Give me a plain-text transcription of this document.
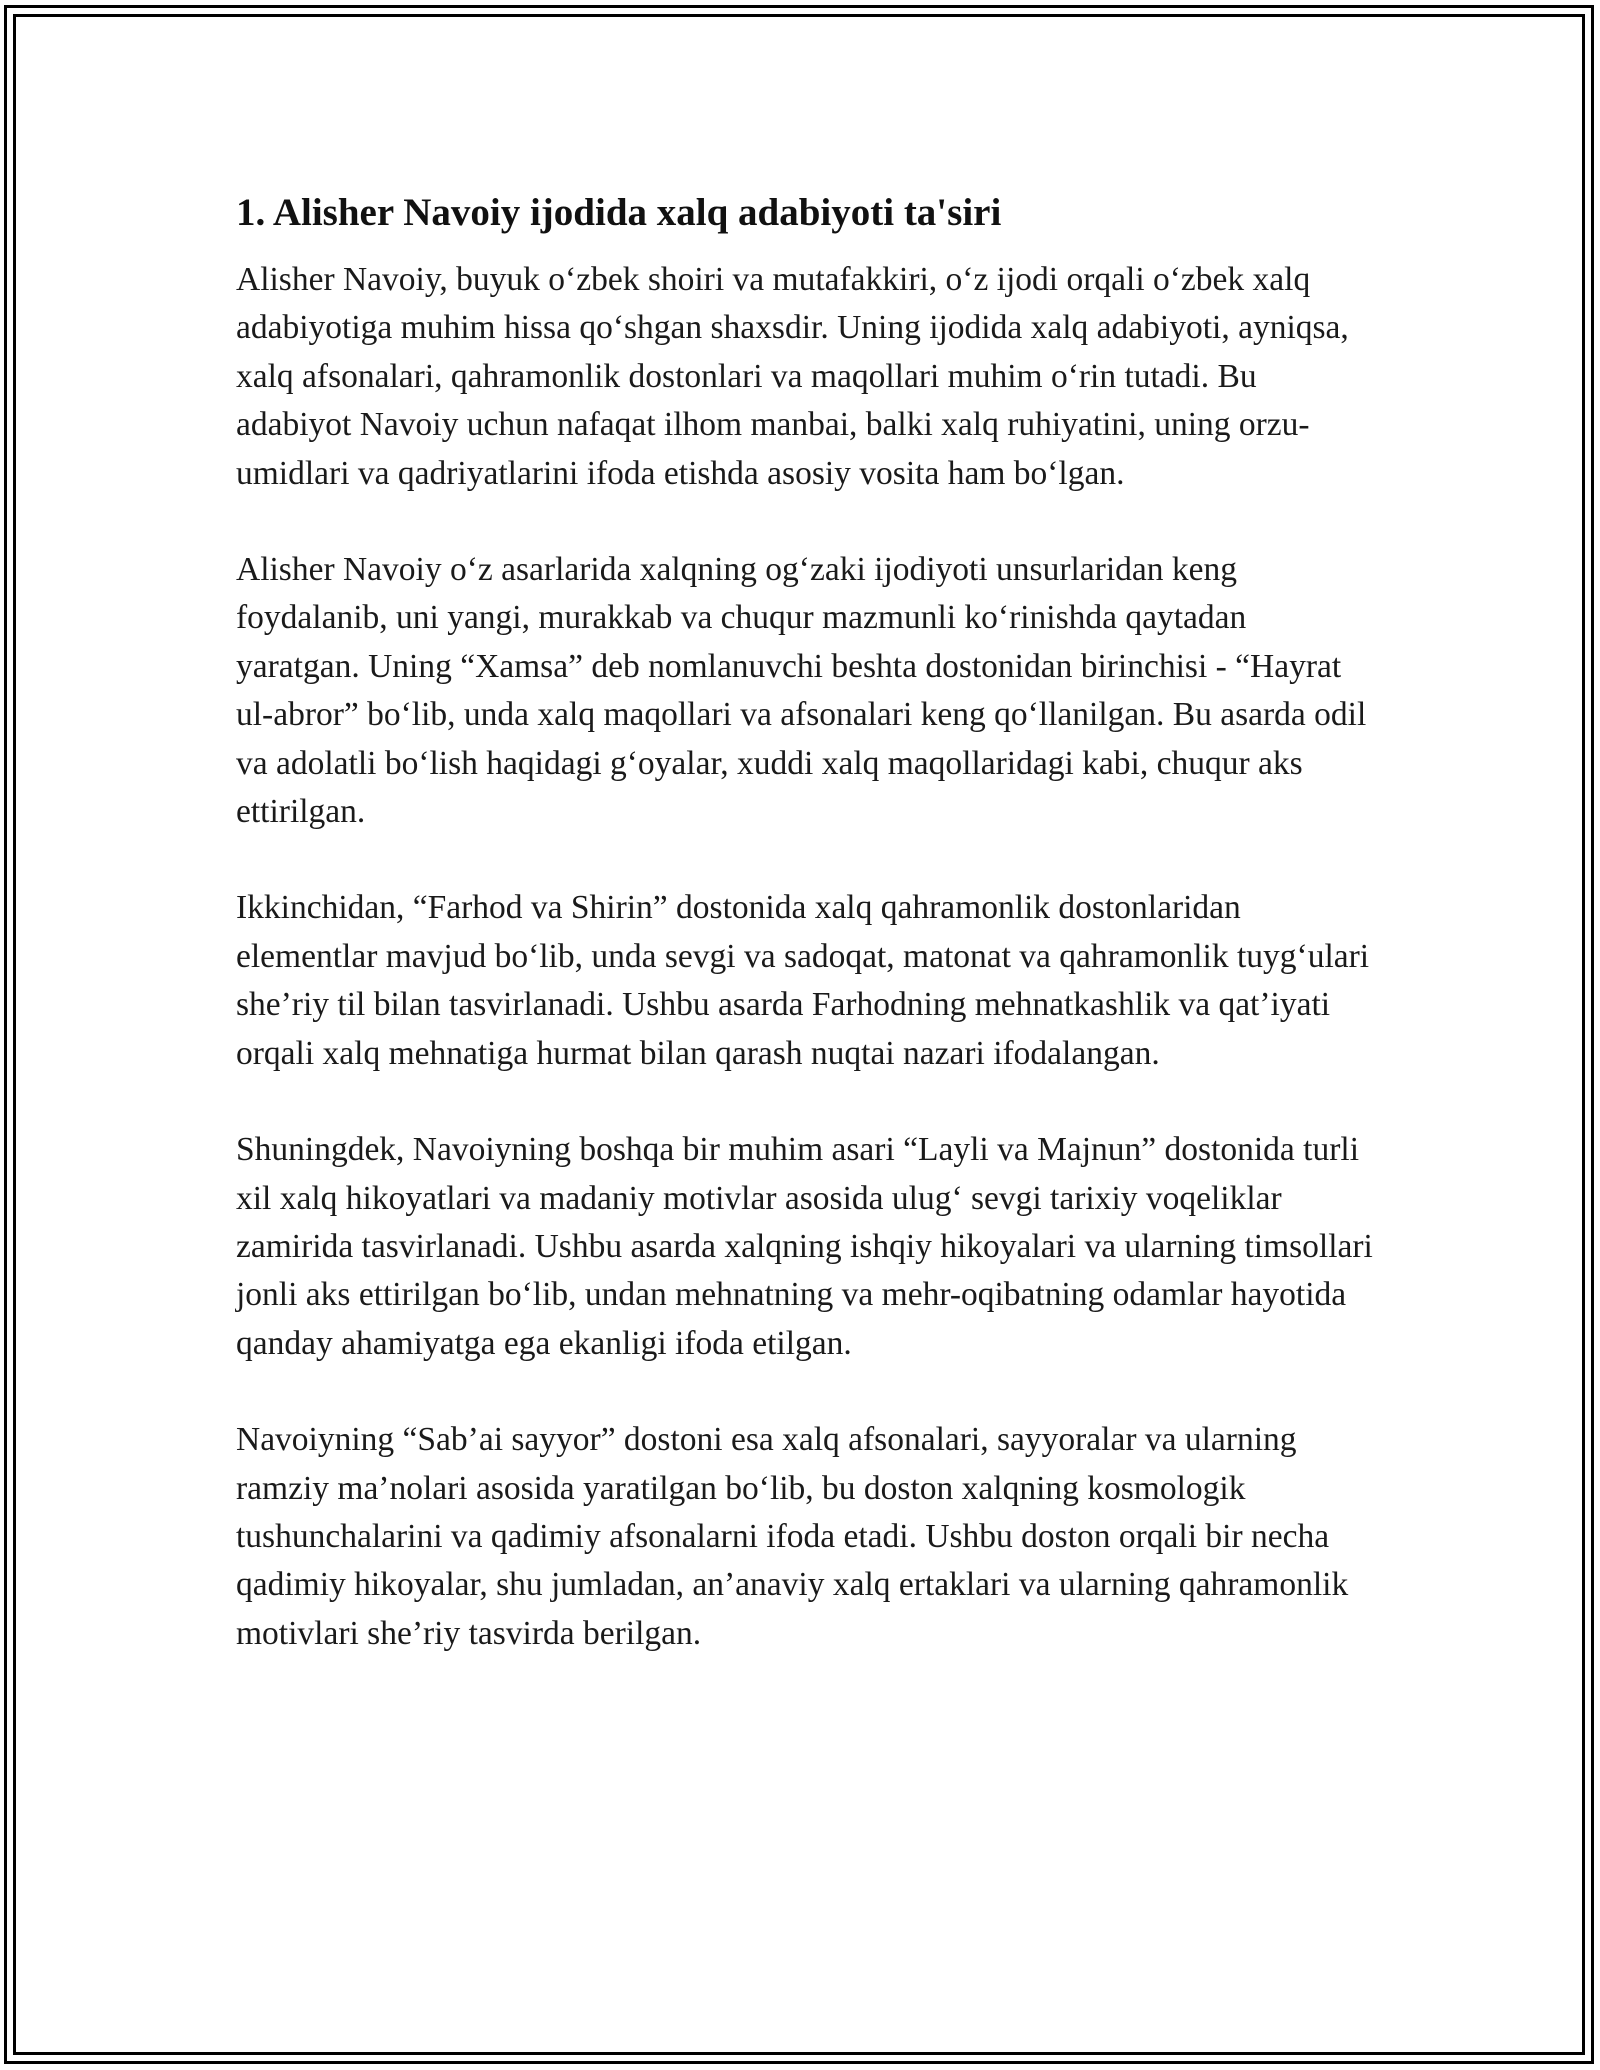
1. Alisher Navoiy ijodida xalq adabiyoti ta'siri

Alisher Navoiy, buyuk o‘zbek shoiri va mutafakkiri, o‘z ijodi orqali o‘zbek xalq adabiyotiga muhim hissa qo‘shgan shaxsdir. Uning ijodida xalq adabiyoti, ayniqsa, xalq afsonalari, qahramonlik dostonlari va maqollari muhim o‘rin tutadi. Bu adabiyot Navoiy uchun nafaqat ilhom manbai, balki xalq ruhiyatini, uning orzu-umidlari va qadriyatlarini ifoda etishda asosiy vosita ham bo‘lgan.

Alisher Navoiy o‘z asarlarida xalqning og‘zaki ijodiyoti unsurlaridan keng foydalanib, uni yangi, murakkab va chuqur mazmunli ko‘rinishda qaytadan yaratgan. Uning “Xamsa” deb nomlanuvchi beshta dostonidan birinchisi - “Hayrat ul-abror” bo‘lib, unda xalq maqollari va afsonalari keng qo‘llanilgan. Bu asarda odil va adolatli bo‘lish haqidagi g‘oyalar, xuddi xalq maqollaridagi kabi, chuqur aks ettirilgan.

Ikkinchidan, “Farhod va Shirin” dostonida xalq qahramonlik dostonlaridan elementlar mavjud bo‘lib, unda sevgi va sadoqat, matonat va qahramonlik tuyg‘ulari she’riy til bilan tasvirlanadi. Ushbu asarda Farhodning mehnatkashlik va qat’iyati orqali xalq mehnatiga hurmat bilan qarash nuqtai nazari ifodalangan.

Shuningdek, Navoiyning boshqa bir muhim asari “Layli va Majnun” dostonida turli xil xalq hikoyatlari va madaniy motivlar asosida ulug‘ sevgi tarixiy voqeliklar zamirida tasvirlanadi. Ushbu asarda xalqning ishqiy hikoyalari va ularning timsollari jonli aks ettirilgan bo‘lib, undan mehnatning va mehr-oqibatning odamlar hayotida qanday ahamiyatga ega ekanligi ifoda etilgan.

Navoiyning “Sab’ai sayyor” dostoni esa xalq afsonalari, sayyoralar va ularning ramziy ma’nolari asosida yaratilgan bo‘lib, bu doston xalqning kosmologik tushunchalarini va qadimiy afsonalarni ifoda etadi. Ushbu doston orqali bir necha qadimiy hikoyalar, shu jumladan, an’anaviy xalq ertaklari va ularning qahramonlik motivlari she’riy tasvirda berilgan.
